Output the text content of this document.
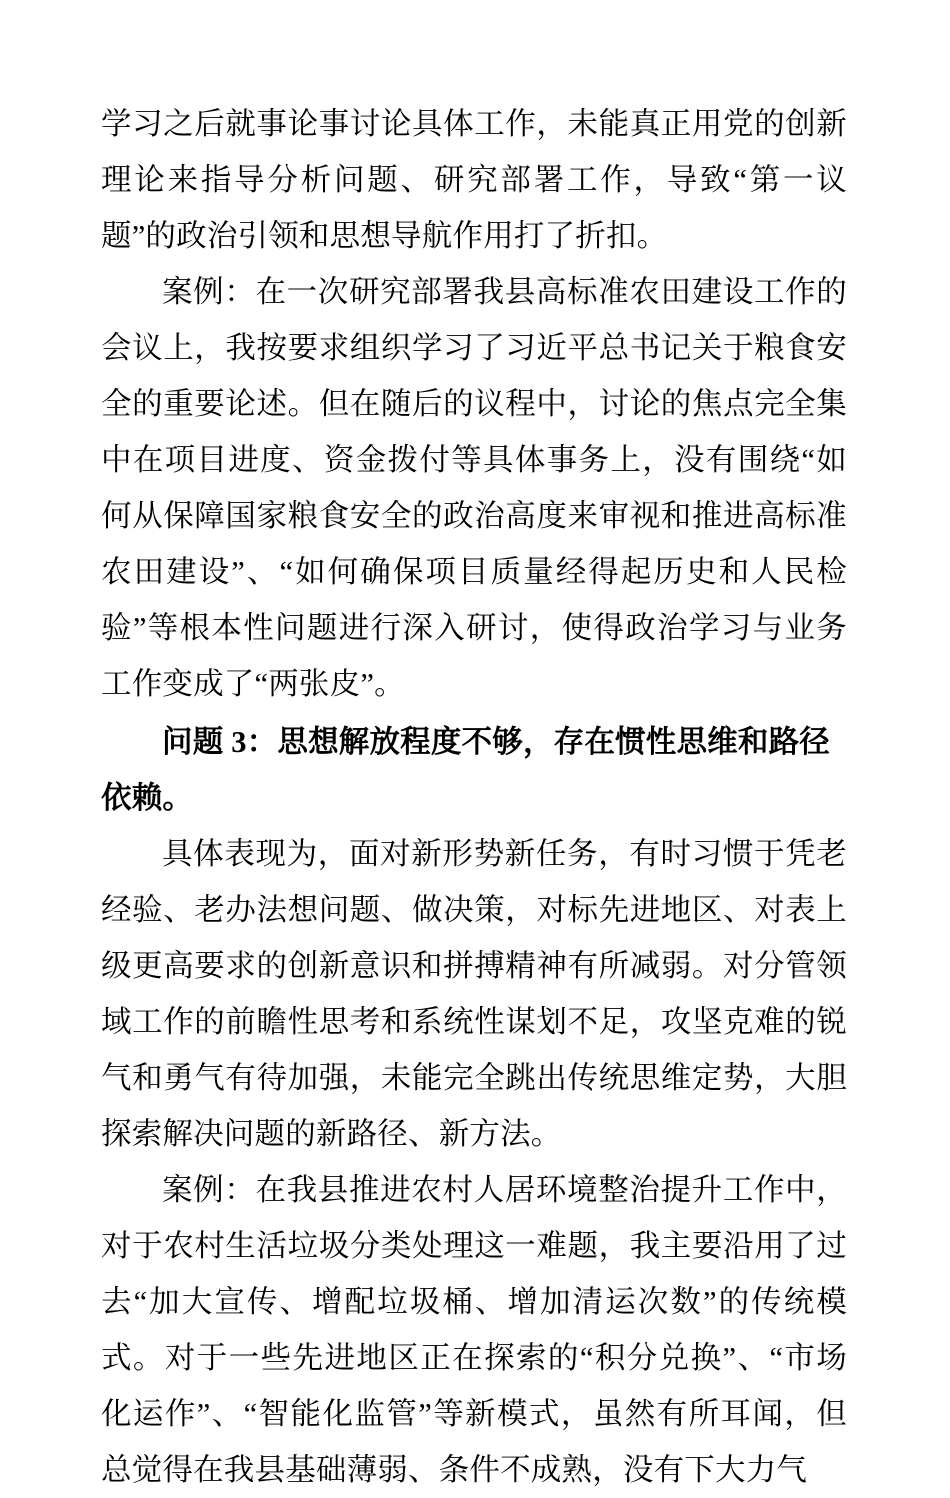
学习之后就事论事讨论具体工作，未能真正用党的创新理论来指导分析问题、研究部署工作，导致“第一议题”的政治引领和思想导航作用打了折扣。

案例：在一次研究部署我县高标准农田建设工作的会议上，我按要求组织学习了习近平总书记关于粮食安全的重要论述。但在随后的议程中，讨论的焦点完全集中在项目进度、资金拨付等具体事务上，没有围绕“如何从保障国家粮食安全的政治高度来审视和推进高标准农田建设”、“如何确保项目质量经得起历史和人民检验”等根本性问题进行深入研讨，使得政治学习与业务工作变成了“两张皮”。

问题 3：思想解放程度不够，存在惯性思维和路径依赖。

具体表现为，面对新形势新任务，有时习惯于凭老经验、老办法想问题、做决策，对标先进地区、对表上级更高要求的创新意识和拼搏精神有所减弱。对分管领域工作的前瞻性思考和系统性谋划不足，攻坚克难的锐气和勇气有待加强，未能完全跳出传统思维定势，大胆探索解决问题的新路径、新方法。

案例：在我县推进农村人居环境整治提升工作中，对于农村生活垃圾分类处理这一难题，我主要沿用了过去“加大宣传、增配垃圾桶、增加清运次数”的传统模式。对于一些先进地区正在探索的“积分兑换”、“市场化运作”、“智能化监管”等新模式，虽然有所耳闻，但总觉得在我县基础薄弱、条件不成熟，没有下大力气
